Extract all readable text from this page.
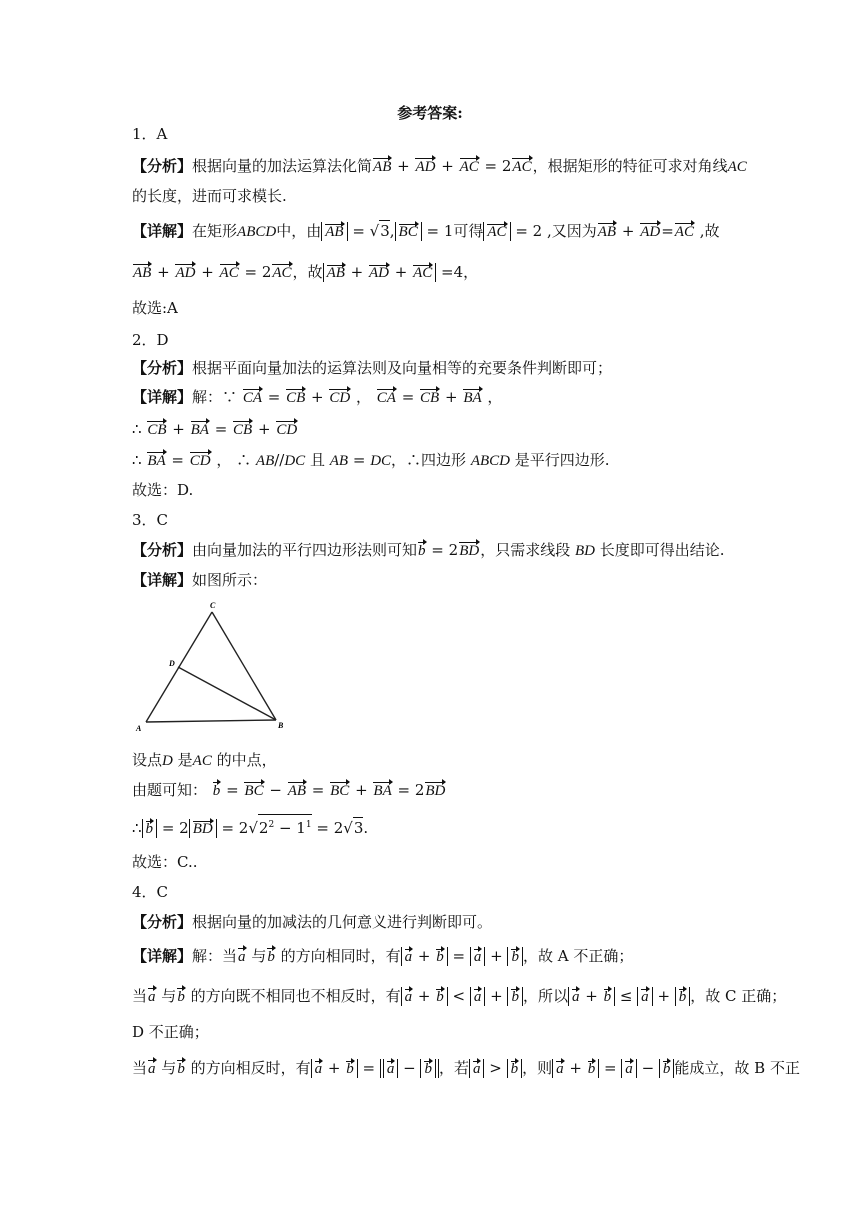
参考答案:
1．A
【分析】根据向量的加法运算法化简AB + AD + AC = 2AC，根据矩形的特征可求对角线AC
的长度，进而可求模长.
【详解】在矩形ABCD中，由 AB = √3, BC = 1可得 AC = 2 ,又因为AB + AD=AC ,故
AB + AD + AC = 2AC，故 AB + AD + AC =4，
故选:A
2．D
【分析】根据平面向量加法的运算法则及向量相等的充要条件判断即可；
【详解】解：∵ CA = CB + CD ， CA = CB + BA ，
∴ CB + BA = CB + CD
∴ BA = CD ， ∴ AB//DC 且 AB = DC，∴四边形 ABCD 是平行四边形.
故选：D.
3．C
【分析】由向量加法的平行四边形法则可知b = 2BD，只需求线段 BD 长度即可得出结论.
【详解】如图所示：
C
D
A	B
设点D 是AC 的中点，
由题可知： b = BC − AB = BC + BA = 2BD
∴ b = 2 BD = $2√2^2 - 1^1 = 2√3$.
故选：C..
4．C
【分析】根据向量的加减法的几何意义进行判断即可。
【详解】解：当a 与b 的方向相同时，有 a + b = a + b ，故 A 不正确；
当a 与b 的方向既不相同也不相反时，有 a + b < a + b ，所以 a + b ≤ a + b ，故 C 正确；
D 不正确；
当a 与b 的方向相反时，有 a + b = a − b ，若 a > b ，则 a + b = a − b 能成立，故 B 不正
